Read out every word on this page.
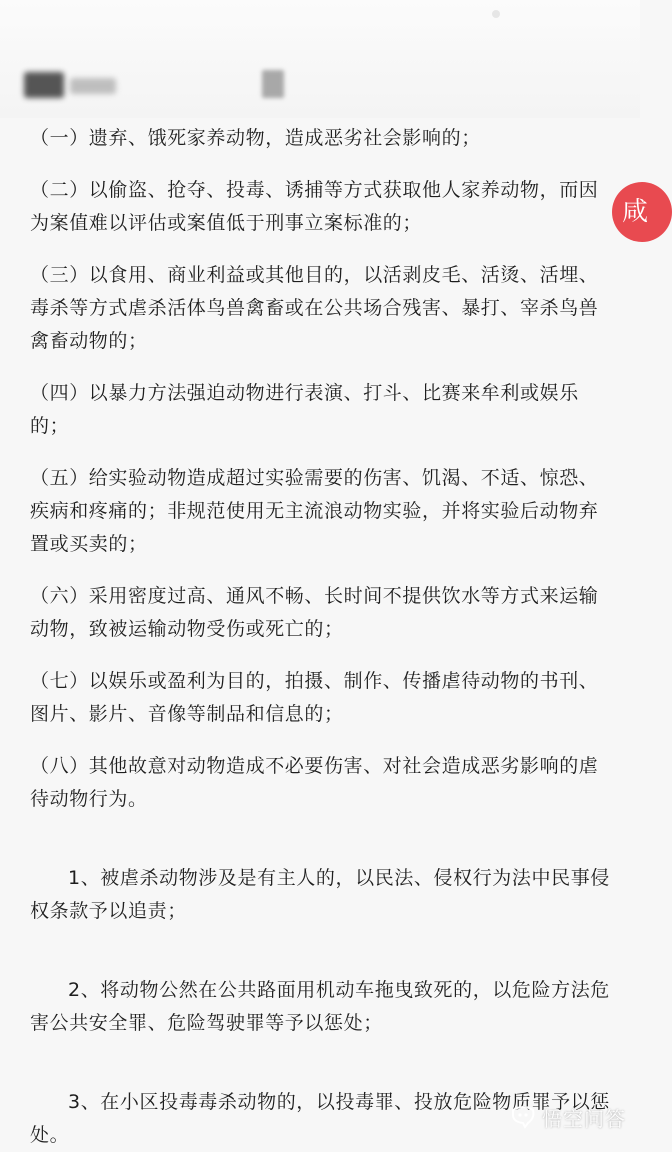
（一）遗弃、饿死家养动物，造成恶劣社会影响的；

（二）以偷盗、抢夺、投毒、诱捕等方式获取他人家养动物，而因为案值难以评估或案值低于刑事立案标准的；

（三）以食用、商业利益或其他目的，以活剥皮毛、活烫、活埋、毒杀等方式虐杀活体鸟兽禽畜或在公共场合残害、暴打、宰杀鸟兽禽畜动物的；

（四）以暴力方法强迫动物进行表演、打斗、比赛来牟利或娱乐的；

（五）给实验动物造成超过实验需要的伤害、饥渴、不适、惊恐、疾病和疼痛的；非规范使用无主流浪动物实验，并将实验后动物弃置或买卖的；

（六）采用密度过高、通风不畅、长时间不提供饮水等方式来运输动物，致被运输动物受伤或死亡的；

（七）以娱乐或盈利为目的，拍摄、制作、传播虐待动物的书刊、图片、影片、音像等制品和信息的；

（八）其他故意对动物造成不必要伤害、对社会造成恶劣影响的虐待动物行为。

1、被虐杀动物涉及是有主人的，以民法、侵权行为法中民事侵权条款予以追责；

2、将动物公然在公共路面用机动车拖曳致死的，以危险方法危害公共安全罪、危险驾驶罪等予以惩处；

3、在小区投毒毒杀动物的，以投毒罪、投放危险物质罪予以惩处。

咸
悟空问答
